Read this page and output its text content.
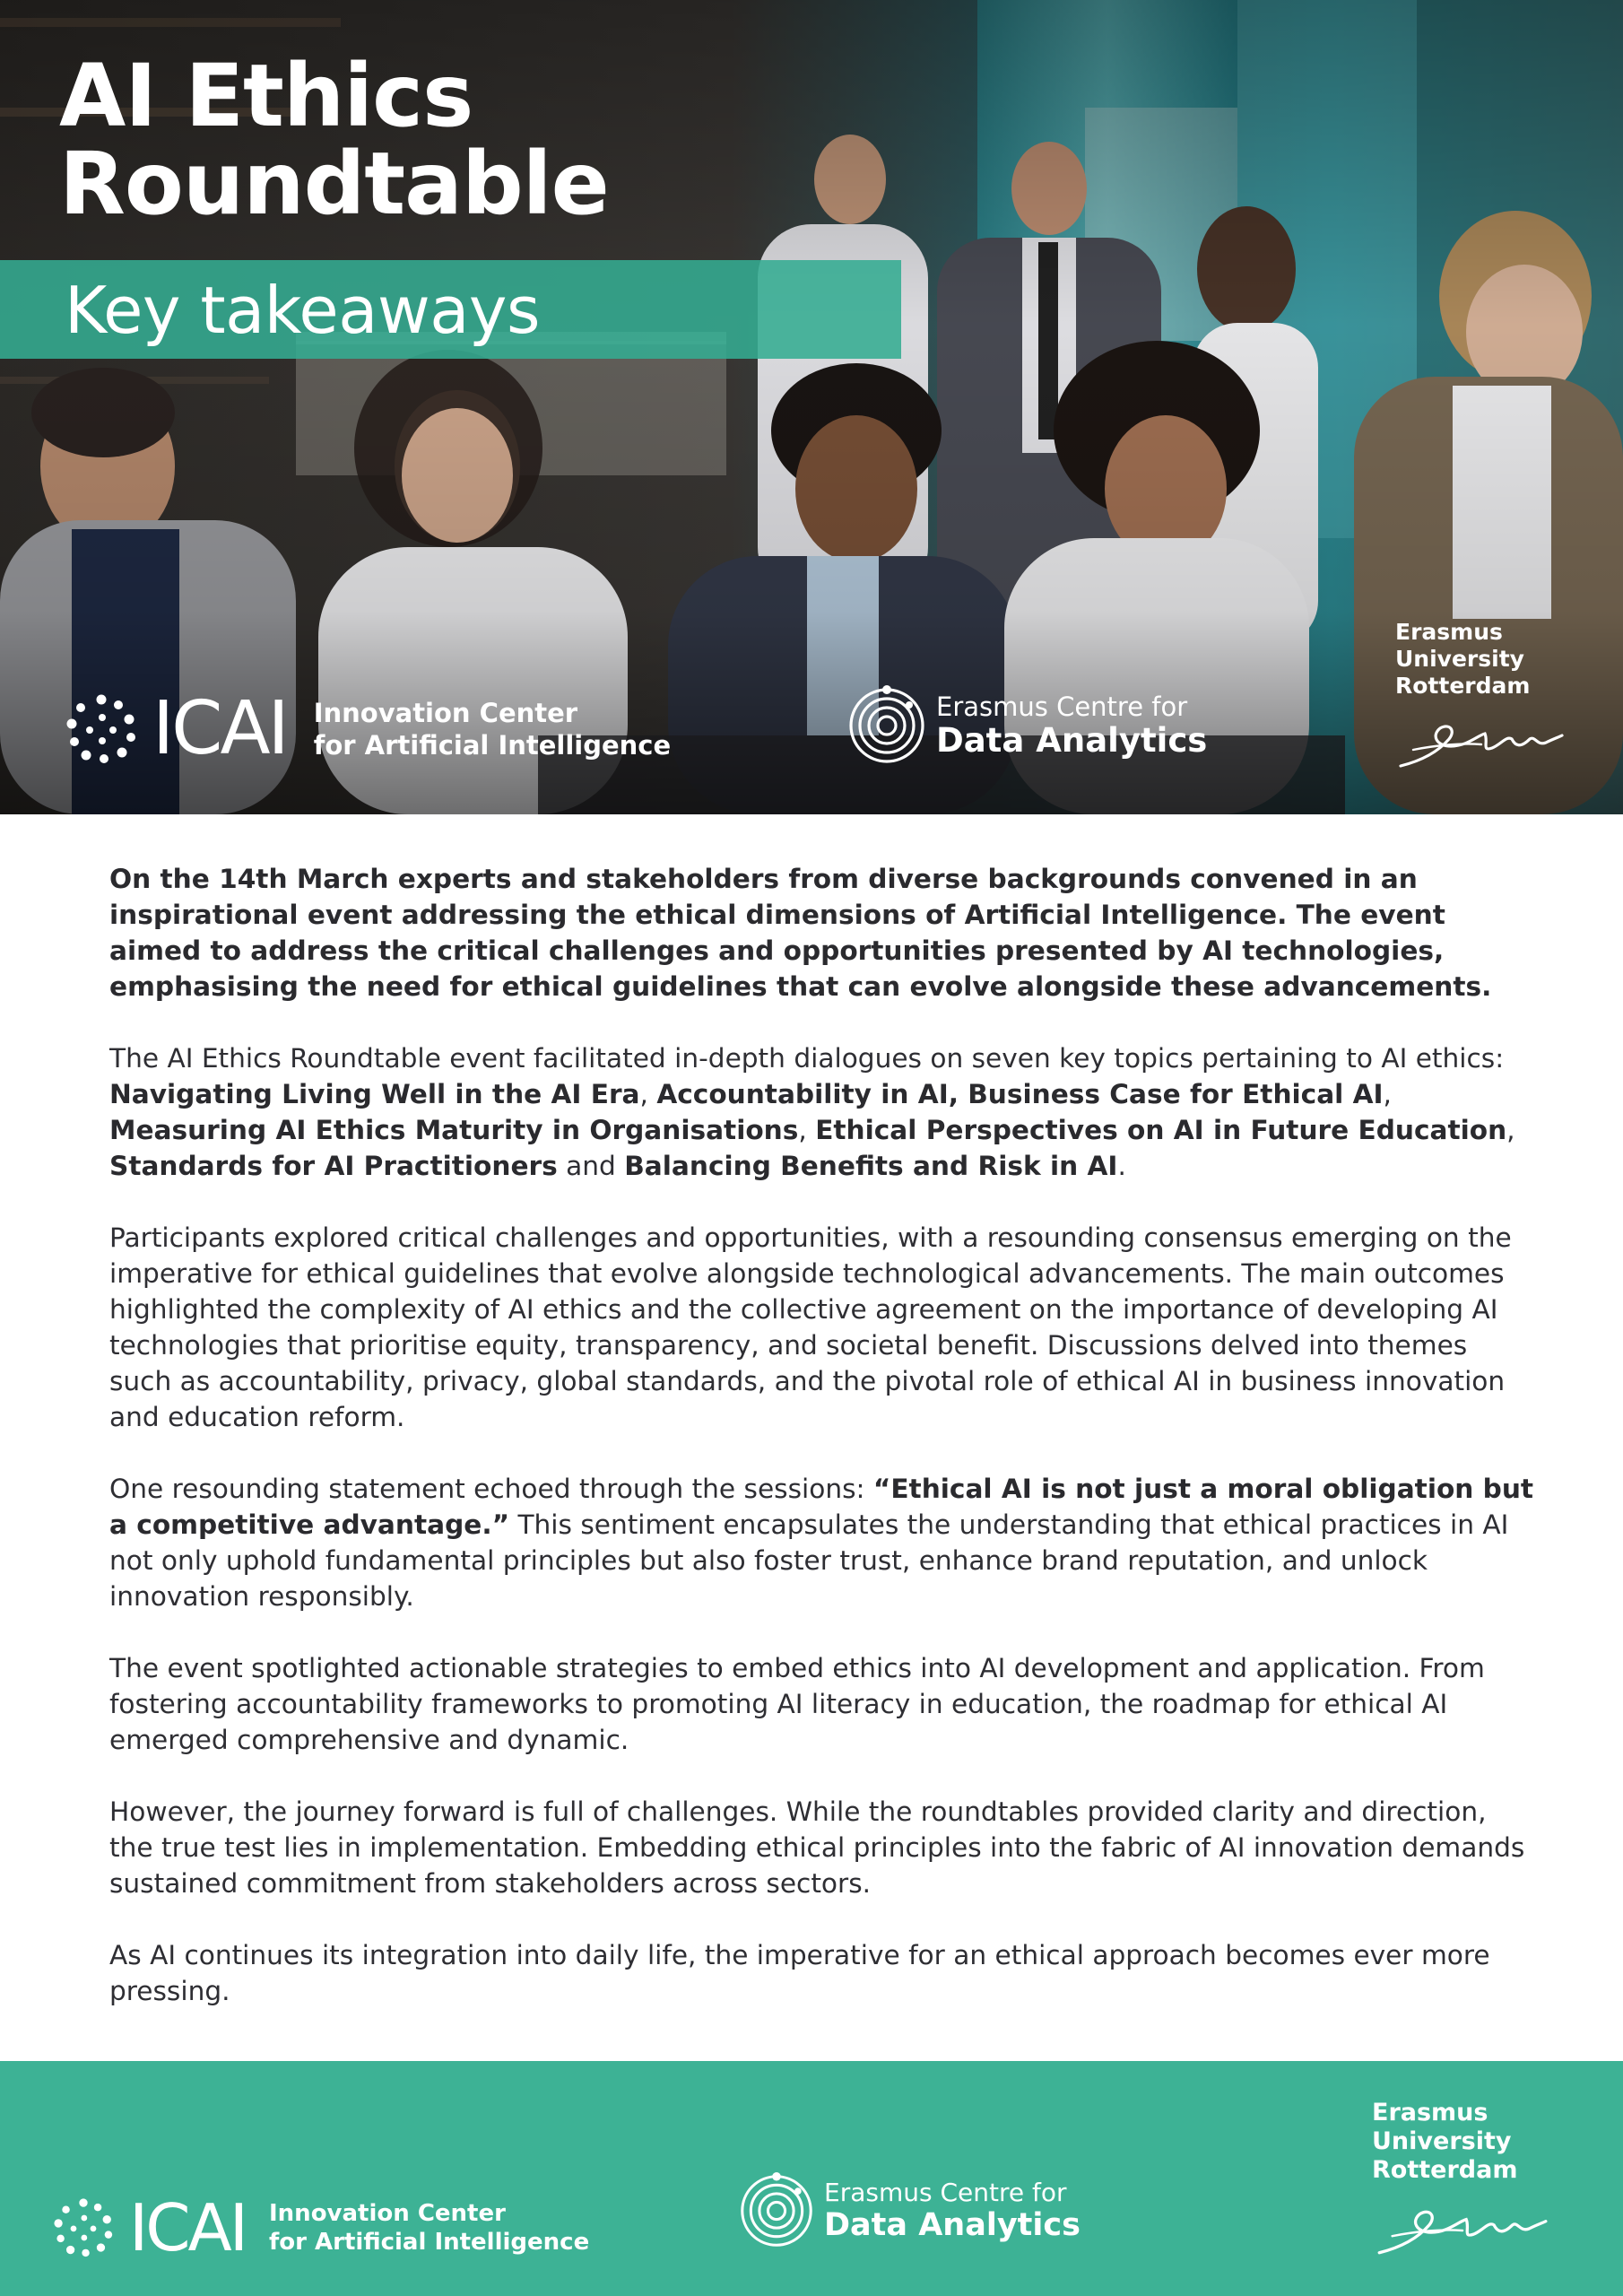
AI Ethics
Roundtable
Key takeaways
ICAI Innovation Center
for Artificial Intelligence
Erasmus Centre for
Data Analytics
Erasmus
University
Rotterdam

On the 14th March experts and stakeholders from diverse backgrounds convened in an inspirational event addressing the ethical dimensions of Artificial Intelligence. The event aimed to address the critical challenges and opportunities presented by AI technologies, emphasising the need for ethical guidelines that can evolve alongside these advancements.

The AI Ethics Roundtable event facilitated in-depth dialogues on seven key topics pertaining to AI ethics: Navigating Living Well in the AI Era, Accountability in AI, Business Case for Ethical AI, Measuring AI Ethics Maturity in Organisations, Ethical Perspectives on AI in Future Education, Standards for AI Practitioners and Balancing Benefits and Risk in AI.

Participants explored critical challenges and opportunities, with a resounding consensus emerging on the imperative for ethical guidelines that evolve alongside technological advancements. The main outcomes highlighted the complexity of AI ethics and the collective agreement on the importance of developing AI technologies that prioritise equity, transparency, and societal benefit. Discussions delved into themes such as accountability, privacy, global standards, and the pivotal role of ethical AI in business innovation and education reform.

One resounding statement echoed through the sessions: “Ethical AI is not just a moral obligation but a competitive advantage.” This sentiment encapsulates the understanding that ethical practices in AI not only uphold fundamental principles but also foster trust, enhance brand reputation, and unlock innovation responsibly.

The event spotlighted actionable strategies to embed ethics into AI development and application. From fostering accountability frameworks to promoting AI literacy in education, the roadmap for ethical AI emerged comprehensive and dynamic.

However, the journey forward is full of challenges. While the roundtables provided clarity and direction, the true test lies in implementation. Embedding ethical principles into the fabric of AI innovation demands sustained commitment from stakeholders across sectors.

As AI continues its integration into daily life, the imperative for an ethical approach becomes ever more pressing.

ICAI Innovation Center
for Artificial Intelligence
Erasmus Centre for
Data Analytics
Erasmus
University
Rotterdam
